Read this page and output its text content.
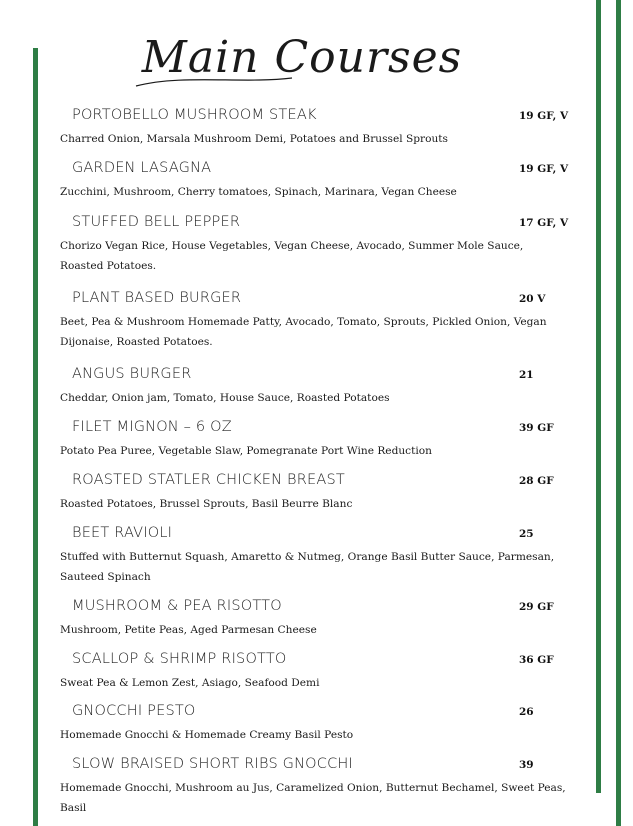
Main Courses
PORTOBELLO MUSHROOM STEAK	19 GF, V
Charred Onion, Marsala Mushroom Demi, Potatoes and Brussel Sprouts
GARDEN LASAGNA	19 GF, V
Zucchini, Mushroom, Cherry tomatoes, Spinach, Marinara, Vegan Cheese
STUFFED BELL PEPPER	17 GF, V
Chorizo Vegan Rice, House Vegetables, Vegan Cheese, Avocado, Summer Mole Sauce, Roasted Potatoes.
PLANT BASED BURGER	20 V
Beet, Pea & Mushroom Homemade Patty, Avocado, Tomato, Sprouts, Pickled Onion, Vegan Dijonaise, Roasted Potatoes.
ANGUS BURGER	21
Cheddar, Onion jam, Tomato, House Sauce, Roasted Potatoes
FILET MIGNON – 6 OZ	39 GF
Potato Pea Puree, Vegetable Slaw, Pomegranate Port Wine Reduction
ROASTED STATLER CHICKEN BREAST	28 GF
Roasted Potatoes, Brussel Sprouts, Basil Beurre Blanc
BEET RAVIOLI	25
Stuffed with Butternut Squash, Amaretto & Nutmeg, Orange Basil Butter Sauce, Parmesan, Sauteed Spinach
MUSHROOM & PEA RISOTTO	29 GF
Mushroom, Petite Peas, Aged Parmesan Cheese
SCALLOP & SHRIMP RISOTTO	36 GF
Sweat Pea & Lemon Zest, Asiago, Seafood Demi
GNOCCHI PESTO	26
Homemade Gnocchi & Homemade Creamy Basil Pesto
SLOW BRAISED SHORT RIBS GNOCCHI	39
Homemade Gnocchi, Mushroom au Jus, Caramelized Onion, Butternut Bechamel, Sweet Peas, Basil
